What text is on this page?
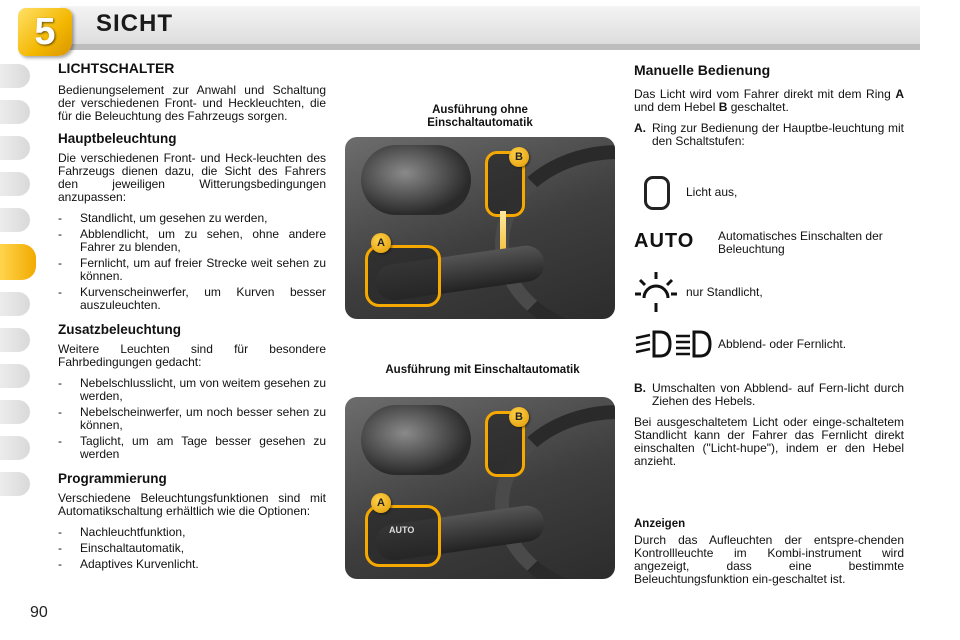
5 SICHT
90
LICHTSCHALTER

Bedienungselement zur Anwahl und Schaltung der verschiedenen Front- und Heckleuchten, die für die Beleuchtung des Fahrzeugs sorgen.

Hauptbeleuchtung

Die verschiedenen Front- und Heck-leuchten des Fahrzeugs dienen dazu, die Sicht des Fahrers den jeweiligen Witterungsbedingungen anzupassen:

- Standlicht, um gesehen zu werden,
- Abblendlicht, um zu sehen, ohne andere Fahrer zu blenden,
- Fernlicht, um auf freier Strecke weit sehen zu können.
- Kurvenscheinwerfer, um Kurven besser auszuleuchten.
Zusatzbeleuchtung

Weitere Leuchten sind für besondere Fahrbedingungen gedacht:

- Nebelschlusslicht, um von weitem gesehen zu werden,
- Nebelscheinwerfer, um noch besser sehen zu können,
- Taglicht, um am Tage besser gesehen zu werden
Programmierung

Verschiedene Beleuchtungsfunktionen sind mit Automatikschaltung erhältlich wie die Optionen:

- Nachleuchtfunktion,
- Einschaltautomatik,
- Adaptives Kurvenlicht.
Ausführung ohne Einschaltautomatik
A
B
Ausführung mit Einschaltautomatik
AUTO
A
B
Manuelle Bedienung

Das Licht wird vom Fahrer direkt mit dem Ring A und dem Hebel B geschaltet.

A. Ring zur Bedienung der Hauptbe-leuchtung mit den Schaltstufen:
Licht aus,
AUTO Automatisches Einschalten der Beleuchtung
nur Standlicht,
Abblend- oder Fernlicht.
B. Umschalten von Abblend- auf Fern-licht durch Ziehen des Hebels.

Bei ausgeschaltetem Licht oder einge-schaltetem Standlicht kann der Fahrer das Fernlicht direkt einschalten ("Licht-hupe"), indem er den Hebel anzieht.

Anzeigen

Durch das Aufleuchten der entspre-chenden Kontrollleuchte im Kombi-instrument wird angezeigt, dass eine bestimmte Beleuchtungsfunktion ein-geschaltet ist.
